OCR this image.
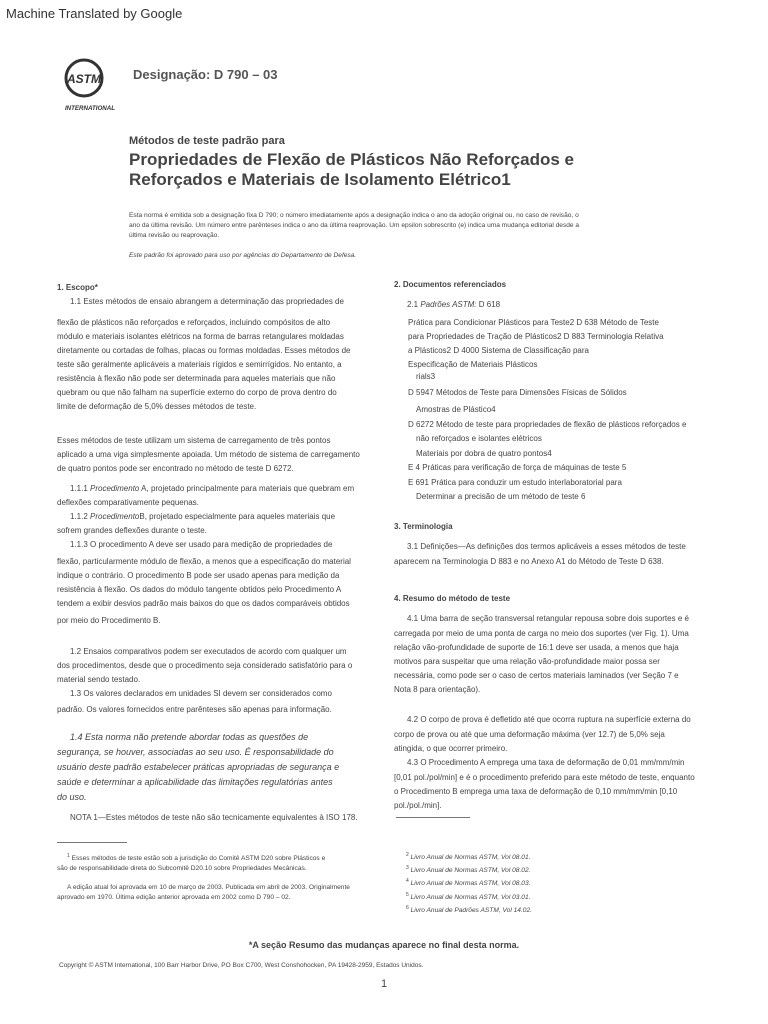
Machine Translated by Google
ASTM
INTERNATIONAL
Designação: D 790 – 03
Métodos de teste padrão para
Propriedades de Flexão de Plásticos Não Reforçados e
Reforçados e Materiais de Isolamento Elétrico1
Esta norma é emitida sob a designação fixa D 790; o número imediatamente após a designação indica o ano da adoção original ou, no caso de revisão, o
ano da última revisão. Um número entre parênteses indica o ano da última reaprovação. Um epsilon sobrescrito (e) indica uma mudança editorial desde a
última revisão ou reaprovação.
Este padrão foi aprovado para uso por agências do Departamento de Defesa.

1. Escopo*

1.1 Estes métodos de ensaio abrangem a determinação das propriedades de

flexão de plásticos não reforçados e reforçados, incluindo compósitos de alto

módulo e materiais isolantes elétricos na forma de barras retangulares moldadas

diretamente ou cortadas de folhas, placas ou formas moldadas. Esses métodos de

teste são geralmente aplicáveis a materiais rígidos e semirrígidos. No entanto, a

resistência à flexão não pode ser determinada para aqueles materiais que não

quebram ou que não falham na superfície externo do corpo de prova dentro do

limite de deformação de 5,0% desses métodos de teste.

Esses métodos de teste utilizam um sistema de carregamento de três pontos

aplicado a uma viga simplesmente apoiada. Um método de sistema de carregamento

de quatro pontos pode ser encontrado no método de teste D 6272.

1.1.1 Procedimento A, projetado principalmente para materiais que quebram em

deflexões comparativamente pequenas.

1.1.2 ProcedimentoB, projetado especialmente para aqueles materiais que

sofrem grandes deflexões durante o teste.

1.1.3 O procedimento A deve ser usado para medição de propriedades de

flexão, particularmente módulo de flexão, a menos que a especificação do material

indique o contrário. O procedimento B pode ser usado apenas para medição da

resistência à flexão. Os dados do módulo tangente obtidos pelo Procedimento A

tendem a exibir desvios padrão mais baixos do que os dados comparáveis obtidos

por meio do Procedimento B.

1.2 Ensaios comparativos podem ser executados de acordo com qualquer um

dos procedimentos, desde que o procedimento seja considerado satisfatório para o

material sendo testado.

1.3 Os valores declarados em unidades SI devem ser considerados como

padrão. Os valores fornecidos entre parênteses são apenas para informação.

1.4 Esta norma não pretende abordar todas as questões de

segurança, se houver, associadas ao seu uso. É responsabilidade do

usuário deste padrão estabelecer práticas apropriadas de segurança e

saúde e determinar a aplicabilidade das limitações regulatórias antes

do uso.

NOTA 1—Estes métodos de teste não são tecnicamente equivalentes à ISO 178.

$^1$ Esses métodos de teste estão sob a jurisdição do Comitê ASTM D20 sobre Plásticos e

são de responsabilidade direta do Subcomitê D20.10 sobre Propriedades Mecânicas.

A edição atual foi aprovada em 10 de março de 2003. Publicada em abril de 2003. Originalmente

aprovado em 1970. Última edição anterior aprovada em 2002 como D 790 – 02.

2. Documentos referenciados

2.1 Padrões ASTM: D 618

Prática para Condicionar Plásticos para Teste2 D 638 Método de Teste

para Propriedades de Tração de Plásticos2 D 883 Terminologia Relativa

a Plásticos2 D 4000 Sistema de Classificação para

Especificação de Materiais Plásticos

rials3

D 5947 Métodos de Teste para Dimensões Físicas de Sólidos

Amostras de Plástico4

D 6272 Método de teste para propriedades de flexão de plásticos reforçados e

não reforçados e isolantes elétricos

Materiais por dobra de quatro pontos4

E 4 Práticas para verificação de força de máquinas de teste 5

E 691 Prática para conduzir um estudo interlaboratorial para

Determinar a precisão de um método de teste 6

3. Terminologia

3.1 Definições—As definições dos termos aplicáveis a esses métodos de teste

aparecem na Terminologia D 883 e no Anexo A1 do Método de Teste D 638.

4. Resumo do método de teste

4.1 Uma barra de seção transversal retangular repousa sobre dois suportes e é

carregada por meio de uma ponta de carga no meio dos suportes (ver Fig. 1). Uma

relação vão-profundidade de suporte de 16:1 deve ser usada, a menos que haja

motivos para suspeitar que uma relação vão-profundidade maior possa ser

necessária, como pode ser o caso de certos materiais laminados (ver Seção 7 e

Nota 8 para orientação).

4.2 O corpo de prova é defletido até que ocorra ruptura na superfície externa do

corpo de prova ou até que uma deformação máxima (ver 12.7) de 5,0% seja

atingida, o que ocorrer primeiro.

4.3 O Procedimento A emprega uma taxa de deformação de 0,01 mm/mm/min

[0,01 pol./pol/min] e é o procedimento preferido para este método de teste, enquanto

o Procedimento B emprega uma taxa de deformação de 0,10 mm/mm/min [0,10

pol./pol./min].

$^2$ Livro Anual de Normas ASTM, Vol 08.01.

$^3$ Livro Anual de Normas ASTM, Vol 08.02.

$^4$ Livro Anual de Normas ASTM, Vol 08.03.

$^5$ Livro Anual de Normas ASTM, Vol 03.01.

$^6$ Livro Anual de Padrões ASTM, Vol 14.02.

*A seção Resumo das mudanças aparece no final desta norma.
Copyright © ASTM International, 100 Barr Harbor Drive, PO Box C700, West Conshohocken, PA 19428-2959, Estados Unidos.
1
